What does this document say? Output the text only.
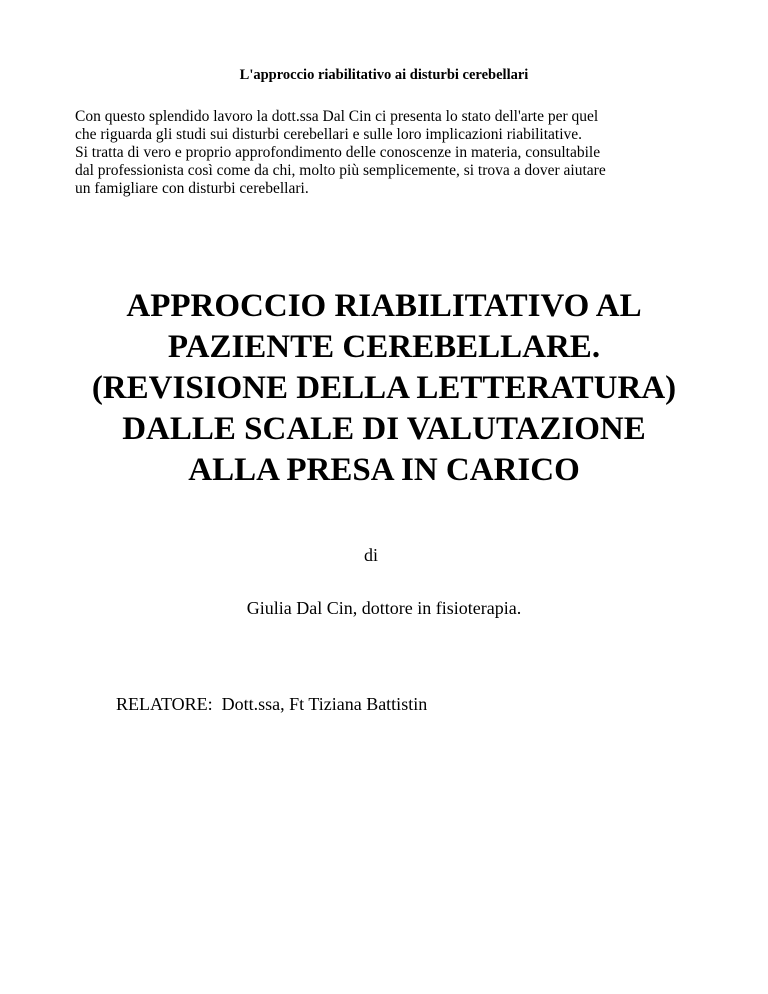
L'approccio riabilitativo ai disturbi cerebellari
Con questo splendido lavoro la dott.ssa Dal Cin ci presenta lo stato dell'arte per quel
che riguarda gli studi sui disturbi cerebellari e sulle loro implicazioni riabilitative.
Si tratta di vero e proprio approfondimento delle conoscenze in materia, consultabile
dal professionista così come da chi, molto più semplicemente, si trova a dover aiutare
un famigliare con disturbi cerebellari.
APPROCCIO RIABILITATIVO AL
PAZIENTE CEREBELLARE.
(REVISIONE DELLA LETTERATURA)
DALLE SCALE DI VALUTAZIONE
ALLA PRESA IN CARICO
di
Giulia Dal Cin, dottore in fisioterapia.
RELATORE:  Dott.ssa, Ft Tiziana Battistin
